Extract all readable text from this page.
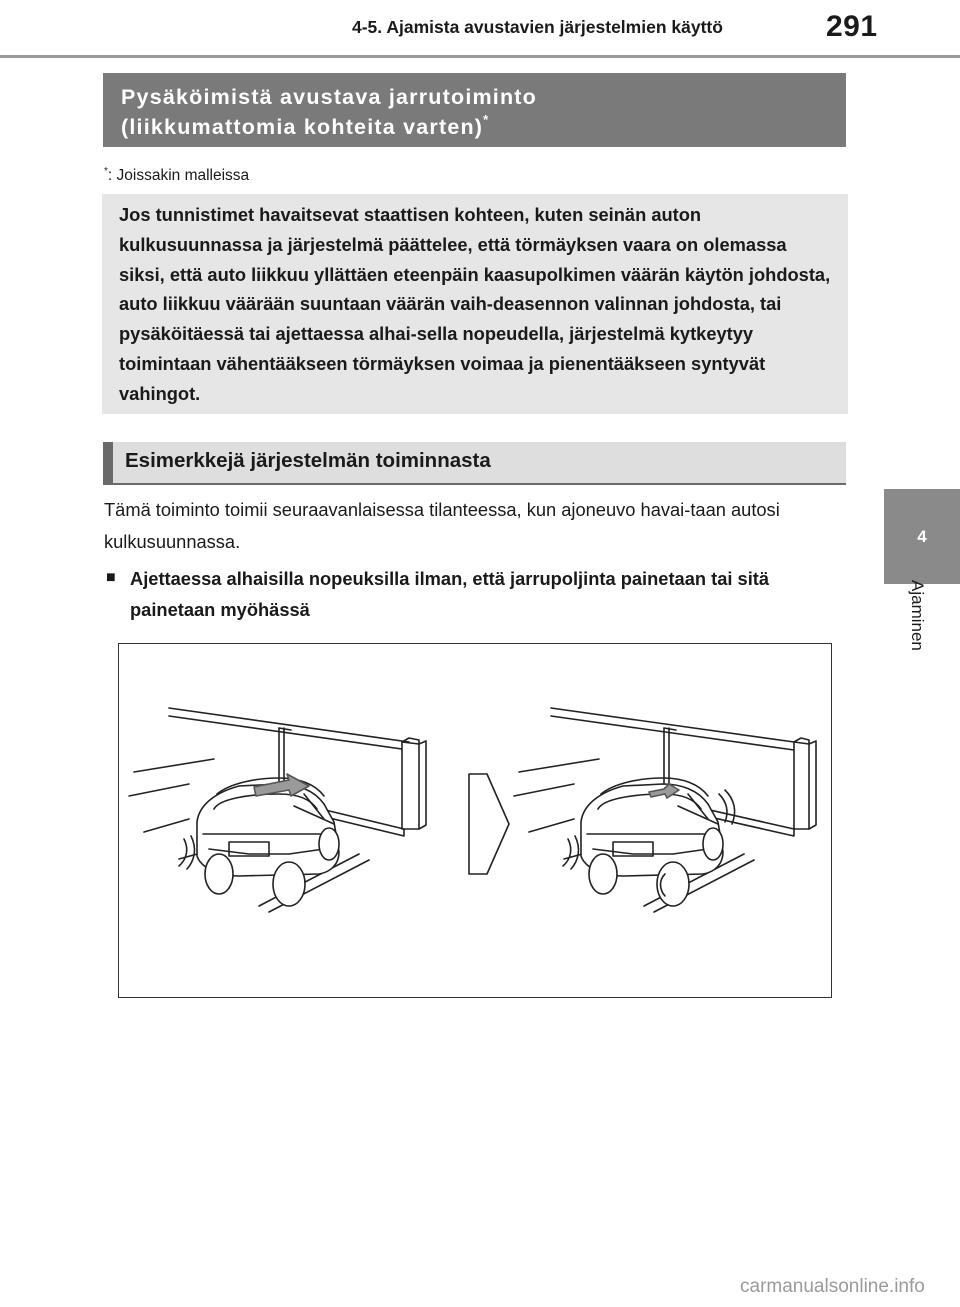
4-5. Ajamista avustavien järjestelmien käyttö	291
4
Ajaminen
Pysäköimistä avustava jarrutoiminto
(liikkumattomia kohteita varten)*
*: Joissakin malleissa
Jos tunnistimet havaitsevat staattisen kohteen, kuten seinän auton kulkusuunnassa ja järjestelmä päättelee, että törmäyksen vaara on olemassa siksi, että auto liikkuu yllättäen eteenpäin kaasupolkimen väärän käytön johdosta, auto liikkuu väärään suuntaan väärän vaih-deasennon valinnan johdosta, tai pysäköitäessä tai ajettaessa alhai-sella nopeudella, järjestelmä kytkeytyy toimintaan vähentääkseen törmäyksen voimaa ja pienentääkseen syntyvät vahingot.
Esimerkkejä järjestelmän toiminnasta
Tämä toiminto toimii seuraavanlaisessa tilanteessa, kun ajoneuvo havai-taan autosi kulkusuunnassa.
■ Ajettaessa alhaisilla nopeuksilla ilman, että jarrupoljinta painetaan tai sitä painetaan myöhässä
carmanualsonline.info
